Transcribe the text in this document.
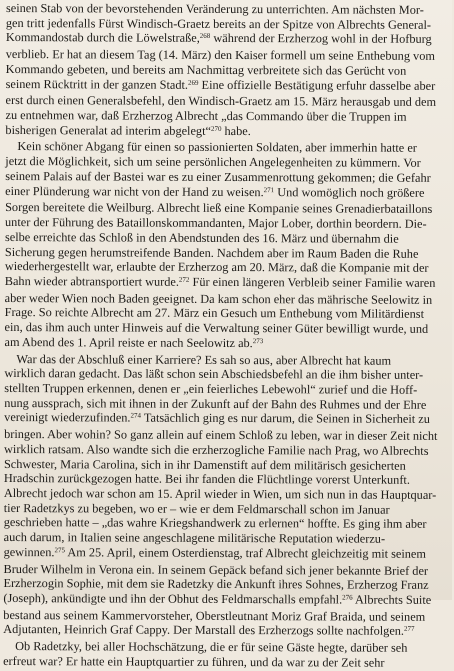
seinen Stab von der bevorstehenden Veränderung zu unterrichten. Am nächsten Mor-
gen tritt jedenfalls Fürst Windisch-Graetz bereits an der Spitze von Albrechts General-
Kommandostab durch die Löwelstraße,$^{268}$ während der Erzherzog wohl in der Hofburg
verblieb. Er hat an diesem Tag (14. März) den Kaiser formell um seine Enthebung vom
Kommando gebeten, und bereits am Nachmittag verbreitete sich das Gerücht von
seinem Rücktritt in der ganzen Stadt.$^{269}$ Eine offizielle Bestätigung erfuhr dasselbe aber
erst durch einen Generalsbefehl, den Windisch-Graetz am 15. März herausgab und dem
zu entnehmen war, daß Erzherzog Albrecht „das Commando über die Truppen im
bisherigen Generalat ad interim abgelegt“$^{270}$ habe.
Kein schöner Abgang für einen so passionierten Soldaten, aber immerhin hatte er
jetzt die Möglichkeit, sich um seine persönlichen Angelegenheiten zu kümmern. Vor
seinem Palais auf der Bastei war es zu einer Zusammenrottung gekommen; die Gefahr
einer Plünderung war nicht von der Hand zu weisen.$^{271}$ Und womöglich noch größere
Sorgen bereitete die Weilburg. Albrecht ließ eine Kompanie seines Grenadierbataillons
unter der Führung des Bataillonskommandanten, Major Lober, dorthin beordern. Die-
selbe erreichte das Schloß in den Abendstunden des 16. März und übernahm die
Sicherung gegen herumstreifende Banden. Nachdem aber im Raum Baden die Ruhe
wiederhergestellt war, erlaubte der Erzherzog am 20. März, daß die Kompanie mit der
Bahn wieder abtransportiert wurde.$^{272}$ Für einen längeren Verbleib seiner Familie waren
aber weder Wien noch Baden geeignet. Da kam schon eher das mährische Seelowitz in
Frage. So reichte Albrecht am 27. März ein Gesuch um Enthebung vom Militärdienst
ein, das ihm auch unter Hinweis auf die Verwaltung seiner Güter bewilligt wurde, und
am Abend des 1. April reiste er nach Seelowitz ab.$^{273}$
War das der Abschluß einer Karriere? Es sah so aus, aber Albrecht hat kaum
wirklich daran gedacht. Das läßt schon sein Abschiedsbefehl an die ihm bisher unter-
stellten Truppen erkennen, denen er „ein feierliches Lebewohl“ zurief und die Hoff-
nung aussprach, sich mit ihnen in der Zukunft auf der Bahn des Ruhmes und der Ehre
vereinigt wiederzufinden.$^{274}$ Tatsächlich ging es nur darum, die Seinen in Sicherheit zu
bringen. Aber wohin? So ganz allein auf einem Schloß zu leben, war in dieser Zeit nicht
wirklich ratsam. Also wandte sich die erzherzogliche Familie nach Prag, wo Albrechts
Schwester, Maria Carolina, sich in ihr Damenstift auf dem militärisch gesicherten
Hradschin zurückgezogen hatte. Bei ihr fanden die Flüchtlinge vorerst Unterkunft.
Albrecht jedoch war schon am 15. April wieder in Wien, um sich nun in das Hauptquar-
tier Radetzkys zu begeben, wo er – wie er dem Feldmarschall schon im Januar
geschrieben hatte – „das wahre Kriegshandwerk zu erlernen“ hoffte. Es ging ihm aber
auch darum, in Italien seine angeschlagene militärische Reputation wiederzu-
gewinnen.$^{275}$ Am 25. April, einem Osterdienstag, traf Albrecht gleichzeitig mit seinem
Bruder Wilhelm in Verona ein. In seinem Gepäck befand sich jener bekannte Brief der
Erzherzogin Sophie, mit dem sie Radetzky die Ankunft ihres Sohnes, Erzherzog Franz
(Joseph), ankündigte und ihn der Obhut des Feldmarschalls empfahl.$^{276}$ Albrechts Suite
bestand aus seinem Kammervorsteher, Oberstleutnant Moriz Graf Braida, und seinem
Adjutanten, Heinrich Graf Cappy. Der Marstall des Erzherzogs sollte nachfolgen.$^{277}$
Ob Radetzky, bei aller Hochschätzung, die er für seine Gäste hegte, darüber seh
erfreut war? Er hatte ein Hauptquartier zu führen, und da war zu der Zeit sehr
